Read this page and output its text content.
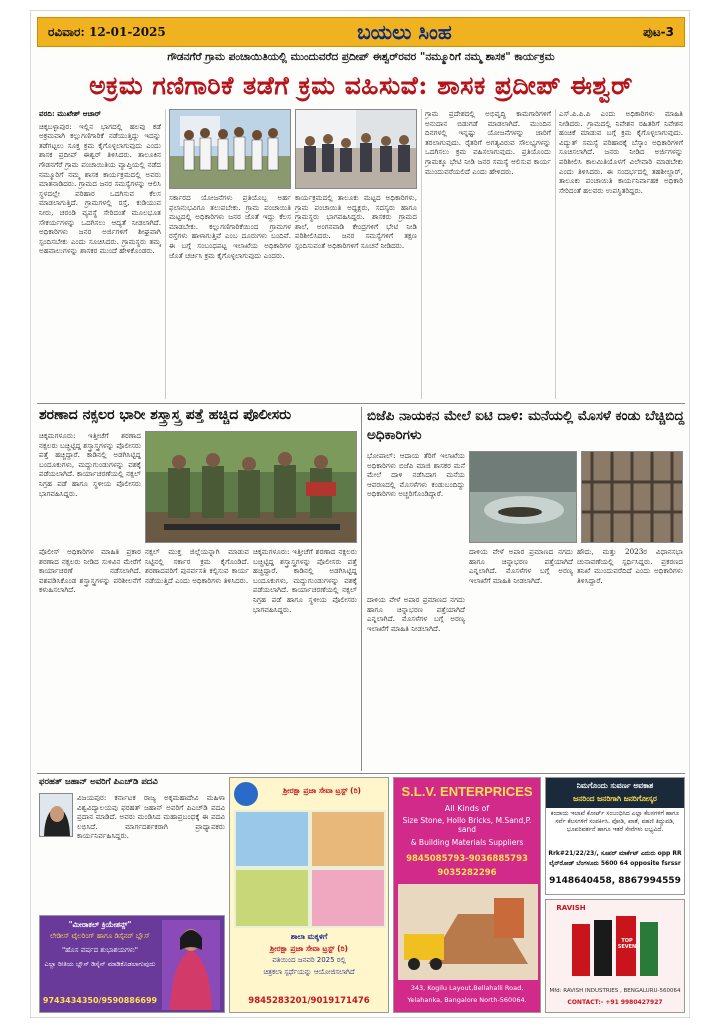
ರವಿವಾರ: 12-01-2025	ಬಯಲು ಸಿಂಹ	ಪುಟ-3
ಗೌಡನಗೆರೆ ಗ್ರಾಮ ಪಂಚಾಯಿತಿಯಲ್ಲಿ ಮುಂದುವರೆದ ಪ್ರದೀಪ್ ಈಶ್ವರ್‌ರವರ "ನಮ್ಮೂರಿಗೆ ನಮ್ಮ ಶಾಸಕ" ಕಾರ್ಯಕ್ರಮ
ಅಕ್ರಮ ಗಣಿಗಾರಿಕೆ ತಡೆಗೆ ಕ್ರಮ ವಹಿಸುವೆ: ಶಾಸಕ ಪ್ರದೀಪ್ ಈಶ್ವರ್

ವರದಿ: ಮುಖೇಶ್ ಆಚಾರ್

ಚಿಕ್ಕಬಳ್ಳಾಪುರ: ಇಲ್ಲಿನ ಭಾಗದಲ್ಲಿ ಹಲವು ಕಡೆ ಅಕ್ರಮವಾಗಿ ಕಲ್ಲುಗಣಿಗಾರಿಕೆ ನಡೆಯುತ್ತಿದ್ದು ಇದನ್ನು ತಡೆಗಟ್ಟಲು ಸೂಕ್ತ ಕ್ರಮ ಕೈಗೊಳ್ಳಲಾಗುವುದು ಎಂದು ಶಾಸಕ ಪ್ರದೀಪ್ ಈಶ್ವರ್ ತಿಳಿಸಿದರು. ತಾಲೂಕಿನ ಗೌಡನಗೆರೆ ಗ್ರಾಮ ಪಂಚಾಯಿತಿಯ ವ್ಯಾಪ್ತಿಯಲ್ಲಿ ನಡೆದ ನಮ್ಮೂರಿಗೆ ನಮ್ಮ ಶಾಸಕ ಕಾರ್ಯಕ್ರಮದಲ್ಲಿ ಅವರು ಮಾತನಾಡಿದರು. ಗ್ರಾಮದ ಜನರ ಸಮಸ್ಯೆಗಳನ್ನು ಆಲಿಸಿ ಸ್ಥಳದಲ್ಲೇ ಪರಿಹಾರ ಒದಗಿಸುವ ಕೆಲಸ ಮಾಡಲಾಗುತ್ತಿದೆ. ಗ್ರಾಮಗಳಲ್ಲಿ ರಸ್ತೆ, ಕುಡಿಯುವ ನೀರು, ಚರಂಡಿ ವ್ಯವಸ್ಥೆ ಸೇರಿದಂತೆ ಮೂಲಭೂತ ಸೌಕರ್ಯಗಳನ್ನು ಒದಗಿಸಲು ಆದ್ಯತೆ ನೀಡಲಾಗಿದೆ. ಅಧಿಕಾರಿಗಳು ಜನರ ಅರ್ಜಿಗಳಿಗೆ ಶೀಘ್ರವಾಗಿ ಸ್ಪಂದಿಸಬೇಕು ಎಂದು ಸೂಚಿಸಿದರು. ಗ್ರಾಮಸ್ಥರು ತಮ್ಮ ಅಹವಾಲುಗಳನ್ನು ಶಾಸಕರ ಮುಂದೆ ಹೇಳಿಕೊಂಡರು.

ಸರ್ಕಾರದ ಯೋಜನೆಗಳು ಪ್ರತಿಯೊಬ್ಬ ಅರ್ಹ ಫಲಾನುಭವಿಗೂ ತಲುಪಬೇಕು. ಗ್ರಾಮ ಪಂಚಾಯಿತಿ ಮಟ್ಟದಲ್ಲಿ ಅಧಿಕಾರಿಗಳು ಜನರ ಜೊತೆ ಇದ್ದು ಕೆಲಸ ಮಾಡಬೇಕು. ಕಲ್ಲುಗಣಿಗಾರಿಕೆಯಿಂದ ಗ್ರಾಮಗಳ ರಸ್ತೆಗಳು ಹಾಳಾಗುತ್ತಿವೆ ಎಂಬ ದೂರುಗಳು ಬಂದಿವೆ. ಈ ಬಗ್ಗೆ ಸಂಬಂಧಪಟ್ಟ ಇಲಾಖೆಯ ಅಧಿಕಾರಿಗಳ ಜೊತೆ ಚರ್ಚಿಸಿ ಕ್ರಮ ಕೈಗೊಳ್ಳಲಾಗುವುದು ಎಂದರು.

ಕಾರ್ಯಕ್ರಮದಲ್ಲಿ ತಾಲೂಕು ಮಟ್ಟದ ಅಧಿಕಾರಿಗಳು, ಗ್ರಾಮ ಪಂಚಾಯಿತಿ ಅಧ್ಯಕ್ಷರು, ಸದಸ್ಯರು ಹಾಗೂ ಗ್ರಾಮಸ್ಥರು ಭಾಗವಹಿಸಿದ್ದರು. ಶಾಸಕರು ಗ್ರಾಮದ ಶಾಲೆ, ಅಂಗನವಾಡಿ ಕೇಂದ್ರಗಳಿಗೆ ಭೇಟಿ ನೀಡಿ ಪರಿಶೀಲಿಸಿದರು. ಜನರ ಸಮಸ್ಯೆಗಳಿಗೆ ತಕ್ಷಣ ಸ್ಪಂದಿಸುವಂತೆ ಅಧಿಕಾರಿಗಳಿಗೆ ಸೂಚನೆ ನೀಡಿದರು.

ಗ್ರಾಮ ಪ್ರದೇಶದಲ್ಲಿ ಅಭಿವೃದ್ಧಿ ಕಾಮಗಾರಿಗಳಿಗೆ ಅನುದಾನ ಬಿಡುಗಡೆ ಮಾಡಲಾಗಿದೆ. ಮುಂದಿನ ದಿನಗಳಲ್ಲಿ ಇನ್ನಷ್ಟು ಯೋಜನೆಗಳನ್ನು ಜಾರಿಗೆ ತರಲಾಗುವುದು. ರೈತರಿಗೆ ಅಗತ್ಯವಿರುವ ಸೌಲಭ್ಯಗಳನ್ನು ಒದಗಿಸಲು ಕ್ರಮ ವಹಿಸಲಾಗುವುದು. ಪ್ರತಿಯೊಂದು ಗ್ರಾಮಕ್ಕೂ ಭೇಟಿ ನೀಡಿ ಜನರ ಸಮಸ್ಯೆ ಆಲಿಸುವ ಕಾರ್ಯ ಮುಂದುವರೆಯಲಿದೆ ಎಂದು ಹೇಳಿದರು.

ಎಸ್.ಪಿ.ಪಿ.ಪಿ ಎಂದು ಅಧಿಕಾರಿಗಳು ಮಾಹಿತಿ ನೀಡಿದರು. ಗ್ರಾಮದಲ್ಲಿ ನಿವೇಶನ ರಹಿತರಿಗೆ ನಿವೇಶನ ಹಂಚಿಕೆ ಮಾಡುವ ಬಗ್ಗೆ ಕ್ರಮ ಕೈಗೊಳ್ಳಲಾಗುವುದು. ವಿದ್ಯುತ್ ಸಮಸ್ಯೆ ಪರಿಹಾರಕ್ಕೆ ಬೆಸ್ಕಾಂ ಅಧಿಕಾರಿಗಳಿಗೆ ಸೂಚಿಸಲಾಗಿದೆ. ಜನರು ನೀಡಿದ ಅರ್ಜಿಗಳನ್ನು ಪರಿಶೀಲಿಸಿ ಕಾಲಮಿತಿಯೊಳಗೆ ವಿಲೇವಾರಿ ಮಾಡಬೇಕು ಎಂದು ತಿಳಿಸಿದರು. ಈ ಸಂದರ್ಭದಲ್ಲಿ ತಹಶೀಲ್ದಾರ್, ತಾಲೂಕು ಪಂಚಾಯಿತಿ ಕಾರ್ಯನಿರ್ವಾಹಕ ಅಧಿಕಾರಿ ಸೇರಿದಂತೆ ಹಲವರು ಉಪಸ್ಥಿತರಿದ್ದರು.

ಶರಣಾದ ನಕ್ಸಲರ ಭಾರೀ ಶಸ್ತ್ರಾಸ್ತ್ರ ಪತ್ತೆ ಹಚ್ಚಿದ ಪೊಲೀಸರು

ಚಿಕ್ಕಮಗಳೂರು: ಇತ್ತೀಚೆಗೆ ಶರಣಾದ ನಕ್ಸಲರು ಬಚ್ಚಿಟ್ಟಿದ್ದ ಶಸ್ತ್ರಾಸ್ತ್ರಗಳನ್ನು ಪೊಲೀಸರು ಪತ್ತೆ ಹಚ್ಚಿದ್ದಾರೆ. ಕಾಡಿನಲ್ಲಿ ಅಡಗಿಸಿಟ್ಟಿದ್ದ ಬಂದೂಕುಗಳು, ಮದ್ದುಗುಂಡುಗಳನ್ನು ವಶಕ್ಕೆ ಪಡೆಯಲಾಗಿದೆ. ಕಾರ್ಯಾಚರಣೆಯಲ್ಲಿ ನಕ್ಸಲ್ ನಿಗ್ರಹ ಪಡೆ ಹಾಗೂ ಸ್ಥಳೀಯ ಪೊಲೀಸರು ಭಾಗವಹಿಸಿದ್ದರು.

ಪೊಲೀಸ್ ಅಧಿಕಾರಿಗಳ ಮಾಹಿತಿ ಪ್ರಕಾರ ಶರಣಾದ ನಕ್ಸಲರು ನೀಡಿದ ಸುಳಿವಿನ ಮೇರೆಗೆ ಕಾರ್ಯಾಚರಣೆ ನಡೆಸಲಾಗಿದೆ. ವಶಪಡಿಸಿಕೊಂಡ ಶಸ್ತ್ರಾಸ್ತ್ರಗಳನ್ನು ಪರಿಶೀಲನೆಗೆ ಕಳುಹಿಸಲಾಗಿದೆ.

ನಕ್ಸಲ್ ಮುಕ್ತ ಜಿಲ್ಲೆಯನ್ನಾಗಿ ಮಾಡುವ ನಿಟ್ಟಿನಲ್ಲಿ ಸರ್ಕಾರ ಕ್ರಮ ಕೈಗೊಂಡಿದೆ. ಶರಣಾದವರಿಗೆ ಪುನರ್ವಸತಿ ಕಲ್ಪಿಸುವ ಕಾರ್ಯ ನಡೆಯುತ್ತಿದೆ ಎಂದು ಅಧಿಕಾರಿಗಳು ತಿಳಿಸಿದರು.

ಚಿಕ್ಕಮಗಳೂರು: ಇತ್ತೀಚೆಗೆ ಶರಣಾದ ನಕ್ಸಲರು ಬಚ್ಚಿಟ್ಟಿದ್ದ ಶಸ್ತ್ರಾಸ್ತ್ರಗಳನ್ನು ಪೊಲೀಸರು ಪತ್ತೆ ಹಚ್ಚಿದ್ದಾರೆ. ಕಾಡಿನಲ್ಲಿ ಅಡಗಿಸಿಟ್ಟಿದ್ದ ಬಂದೂಕುಗಳು, ಮದ್ದುಗುಂಡುಗಳನ್ನು ವಶಕ್ಕೆ ಪಡೆಯಲಾಗಿದೆ. ಕಾರ್ಯಾಚರಣೆಯಲ್ಲಿ ನಕ್ಸಲ್ ನಿಗ್ರಹ ಪಡೆ ಹಾಗೂ ಸ್ಥಳೀಯ ಪೊಲೀಸರು ಭಾಗವಹಿಸಿದ್ದರು.

ಬಿಜೆಪಿ ನಾಯಕನ ಮೇಲೆ ಐಟಿ ದಾಳಿ: ಮನೆಯಲ್ಲಿ ಮೊಸಳೆ ಕಂಡು ಬೆಚ್ಚಿಬಿದ್ದ ಅಧಿಕಾರಿಗಳು

ಭೋಪಾಲ್: ಆದಾಯ ತೆರಿಗೆ ಇಲಾಖೆಯ ಅಧಿಕಾರಿಗಳು ಬಿಜೆಪಿ ಮಾಜಿ ಶಾಸಕರ ಮನೆ ಮೇಲೆ ದಾಳಿ ನಡೆಸಿದಾಗ ಮನೆಯ ಆವರಣದಲ್ಲಿ ಮೊಸಳೆಗಳು ಕಂಡುಬಂದಿದ್ದು ಅಧಿಕಾರಿಗಳು ಅಚ್ಚರಿಗೊಂಡಿದ್ದಾರೆ.

ದಾಳಿಯ ವೇಳೆ ಅಪಾರ ಪ್ರಮಾಣದ ನಗದು ಹಾಗೂ ಚಿನ್ನಾಭರಣ ಪತ್ತೆಯಾಗಿದೆ ಎನ್ನಲಾಗಿದೆ. ಮೊಸಳೆಗಳ ಬಗ್ಗೆ ಅರಣ್ಯ ಇಲಾಖೆಗೆ ಮಾಹಿತಿ ನೀಡಲಾಗಿದೆ.

ಹೌದು, ಮತ್ತು 2023ರ ವಿಧಾನಸಭಾ ಚುನಾವಣೆಯಲ್ಲಿ ಸ್ಪರ್ಧಿಸಿದ್ದರು. ಪ್ರಕರಣದ ತನಿಖೆ ಮುಂದುವರೆದಿದೆ ಎಂದು ಅಧಿಕಾರಿಗಳು ತಿಳಿಸಿದ್ದಾರೆ.

ದಾಳಿಯ ವೇಳೆ ಅಪಾರ ಪ್ರಮಾಣದ ನಗದು ಹಾಗೂ ಚಿನ್ನಾಭರಣ ಪತ್ತೆಯಾಗಿದೆ ಎನ್ನಲಾಗಿದೆ. ಮೊಸಳೆಗಳ ಬಗ್ಗೆ ಅರಣ್ಯ ಇಲಾಖೆಗೆ ಮಾಹಿತಿ ನೀಡಲಾಗಿದೆ.

ಫರಹತ್ ಜಹಾನ್ ಅವರಿಗೆ ಪಿಎಚ್‌ಡಿ ಪದವಿ

ವಿಜಯಪುರ: ಕರ್ನಾಟಕ ರಾಜ್ಯ ಅಕ್ಕಮಹಾದೇವಿ ಮಹಿಳಾ ವಿಶ್ವವಿದ್ಯಾಲಯವು ಫರಹತ್ ಜಹಾನ್ ಅವರಿಗೆ ಪಿಎಚ್‌ಡಿ ಪದವಿ ಪ್ರದಾನ ಮಾಡಿದೆ. ಅವರು ಮಂಡಿಸಿದ ಮಹಾಪ್ರಬಂಧಕ್ಕೆ ಈ ಪದವಿ ಲಭಿಸಿದೆ. ಮಾರ್ಗದರ್ಶಕರಾಗಿ ಪ್ರಾಧ್ಯಾಪಕರು ಕಾರ್ಯನಿರ್ವಹಿಸಿದ್ದರು.

"ಮೀರಾಕಲ್ ಕ್ರಿಯೇಶನ್ಸ್"
ಲೇಡೀಸ್ ಟೈಲರಿಂಗ್ ಹಾಗೂ ಡಿಸೈನರ್ ಬ್ಲೌಸ್
"ಹೊಸ ವರ್ಷದ ಶುಭಾಶಯಗಳು"
ಎಲ್ಲಾ ರೀತಿಯ ಬ್ಲೌಸ್ ಡಿಸೈನ್ ಮಾಡಿಕೊಡಲಾಗುವುದು
9743434350/9590886699
ಶ್ರೀರಕ್ಷಾ ಪ್ರಜಾ ಸೇವಾ ಟ್ರಸ್ಟ್ (ರಿ)
ಶಾಲಾ ಮಕ್ಕಳಿಗೆ
ಶ್ರೀರಕ್ಷಾ ಪ್ರಜಾ ಸೇವಾ ಟ್ರಸ್ಟ್ (ರಿ)
ವತಿಯಿಂದ ಜನವರಿ 2025 ರಲ್ಲಿ
ಚಿತ್ರಕಲಾ ಸ್ಪರ್ಧೆಯನ್ನು ಆಯೋಜಿಸಲಾಗಿದೆ
9845283201/9019171476
S.L.V. ENTERPRICES
All Kinds of
Size Stone, Hollo Bricks, M.Sand,P. sand
& Building Materials Suppliers
9845085793-9036885793
9035282296
343, Kogilu Layout,Bellahalli Road,
Yelahanka, Bangalore North-560064.
ನಿಮಗೊಂದು ಸುವರ್ಣ ಅವಕಾಶ
ಜನರಿಂದ ಜನರಿಗಾಗಿ ಜನರಿಗೋಸ್ಕರ
ಕಂದಾಯ ಇಲಾಖೆ ಕೋರ್ಟ್ ಸಂಬಂಧಿಸಿದ ಎಲ್ಲಾ ಕೆಲಸಗಳಿಗೆ ಹಾಗೂ ಸರ್ವೆ ಕೆಲಸಗಳಿಗೆ ಸಂಪರ್ಕಿಸಿ. ಪೋಡಿ, ಖಾತೆ, ಪಹಣಿ ತಿದ್ದುಪಡಿ, ಭೂಪರಿವರ್ತನೆ ಹಾಗೂ ಇತರೆ ಸೇವೆಗಳು ಲಭ್ಯವಿದೆ.
Rrk#21/22/23/, ಸೂಪರ್ ಮಾರ್ಕೆಟ್ ಎದುರು opp RR
ಲೈನ್‌ರೋಡ್ ಬೆಂಗಳೂರು 5600 64 opposite fsrssr
9148640458, 8867994559
RAVISH
TOP SEVEN
Mfd: RAVISH INDUSTRIES , BENGALURU-560064
CONTACT:- +91 9980427927
